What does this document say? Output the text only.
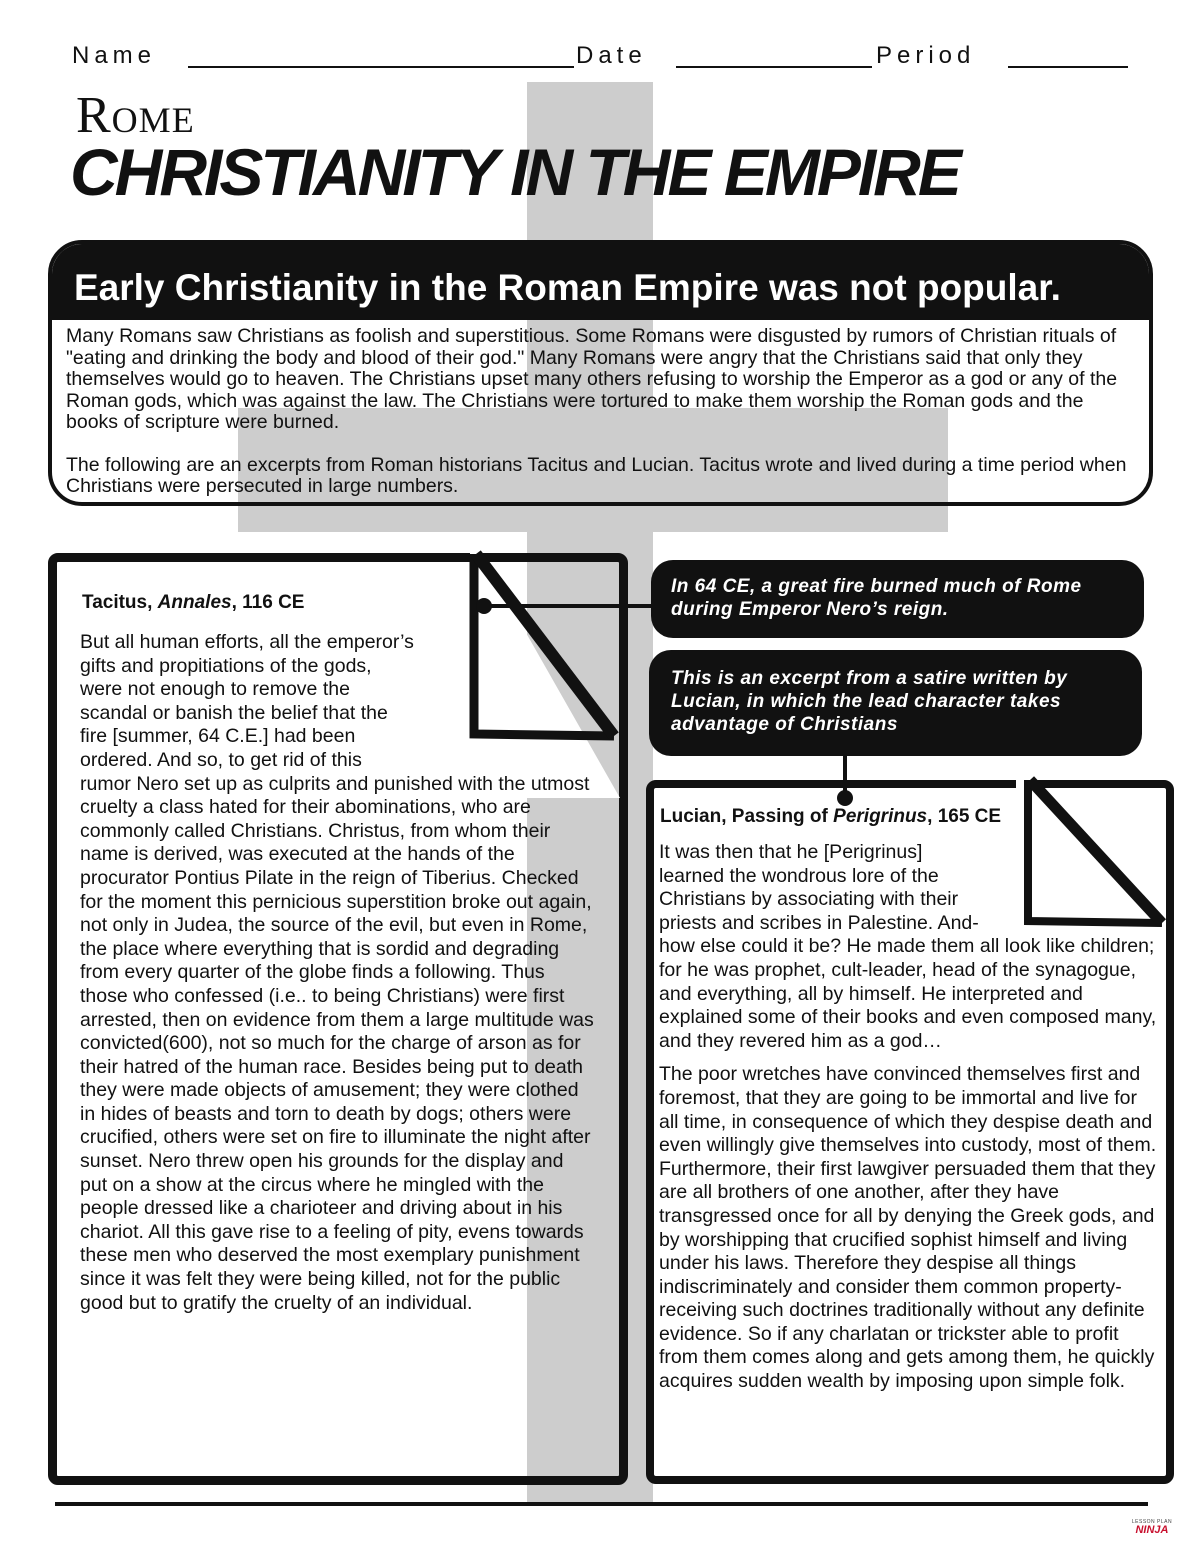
Name	Date	Period
Rome
CHRISTIANITY IN THE EMPIRE
Early Christianity in the Roman Empire was not popular.

Many Romans saw Christians as foolish and superstitious. Some Romans were disgusted by rumors of Christian rituals of "eating and drinking the body and blood of their god." Many Romans were angry that the Christians said that only they themselves would go to heaven. The Christians upset many others refusing to worship the Emperor as a god or any of the Roman gods, which was against the law. The Christians were tortured to make them worship the Roman gods and the books of scripture were burned.

The following are an excerpts from Roman historians Tacitus and Lucian. Tacitus wrote and lived during a time period when Christians were persecuted in large numbers.

Tacitus, Annales, 116 CE

But all human efforts, all the emperor’s

gifts and propitiations of the gods,

were not enough to remove the

scandal or banish the belief that the

fire [summer, 64 C.E.] had been

ordered. And so, to get rid of this

rumor Nero set up as culprits and punished with the utmost cruelty a class hated for their abominations, who are commonly called Christians. Christus, from whom their name is derived, was executed at the hands of the procurator Pontius Pilate in the reign of Tiberius. Checked for the moment this pernicious superstition broke out again, not only in Judea, the source of the evil, but even in Rome, the place where everything that is sordid and degrading from every quarter of the globe finds a following. Thus those who confessed (i.e.. to being Christians) were first arrested, then on evidence from them a large multitude was convicted(600), not so much for the charge of arson as for their hatred of the human race. Besides being put to death they were made objects of amusement; they were clothed in hides of beasts and torn to death by dogs; others were crucified, others were set on fire to illuminate the night after sunset. Nero threw open his grounds for the display and put on a show at the circus where he mingled with the people dressed like a charioteer and driving about in his chariot. All this gave rise to a feeling of pity, evens towards these men who deserved the most exemplary punishment since it was felt they were being killed, not for the public good but to gratify the cruelty of an individual.

In 64 CE, a great fire burned much of Rome during Emperor Nero’s reign.
This is an excerpt from a satire written by Lucian, in which the lead character takes advantage of Christians
Lucian, Passing of Perigrinus, 165 CE

It was then that he [Perigrinus]

learned the wondrous lore of the

Christians by associating with their

priests and scribes in Palestine. And-

how else could it be? He made them all look like children; for he was prophet, cult-leader, head of the synagogue, and everything, all by himself. He interpreted and explained some of their books and even composed many, and they revered him as a god…

The poor wretches have convinced themselves first and foremost, that they are going to be immortal and live for all time, in consequence of which they despise death and even willingly give themselves into custody, most of them. Furthermore, their first lawgiver persuaded them that they are all brothers of one another, after they have transgressed once for all by denying the Greek gods, and by worshipping that crucified sophist himself and living under his laws. Therefore they despise all things indiscriminately and consider them common property-receiving such doctrines traditionally without any definite evidence. So if any charlatan or trickster able to profit from them comes along and gets among them, he quickly acquires sudden wealth by imposing upon simple folk.

LESSON PLAN
NINJA
